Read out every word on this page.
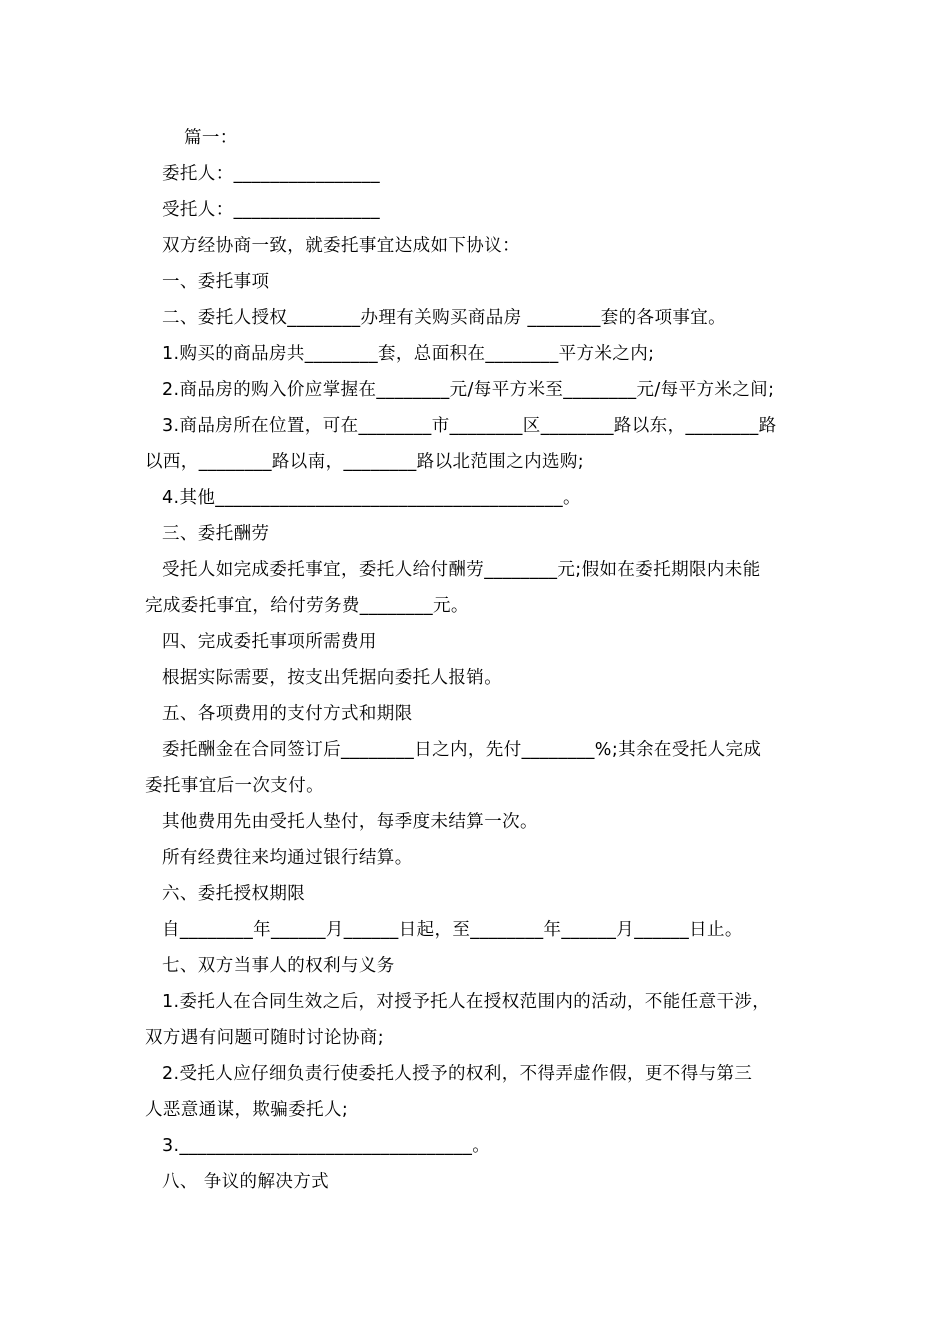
篇一：
委托人：________________
受托人：________________
双方经协商一致，就委托事宜达成如下协议：
一、委托事项
二、委托人授权________办理有关购买商品房 ________套的各项事宜。
1.购买的商品房共________套，总面积在________平方米之内;
2.商品房的购入价应掌握在________元/每平方米至________元/每平方米之间;
3.商品房所在位置，可在________市________区________路以东，________路
以西，________路以南，________路以北范围之内选购;
4.其他______________________________________。
三、委托酬劳
受托人如完成委托事宜，委托人给付酬劳________元;假如在委托期限内未能
完成委托事宜，给付劳务费________元。
四、完成委托事项所需费用
根据实际需要，按支出凭据向委托人报销。
五、各项费用的支付方式和期限
委托酬金在合同签订后________日之内，先付________%;其余在受托人完成
委托事宜后一次支付。
其他费用先由受托人垫付，每季度未结算一次。
所有经费往来均通过银行结算。
六、委托授权期限
自________年______月______日起，至________年______月______日止。
七、双方当事人的权利与义务
1.委托人在合同生效之后，对授予托人在授权范围内的活动，不能任意干涉，
双方遇有问题可随时讨论协商;
2.受托人应仔细负责行使委托人授予的权利，不得弄虚作假，更不得与第三
人恶意通谋，欺骗委托人;
3.________________________________。
八、 争议的解决方式
